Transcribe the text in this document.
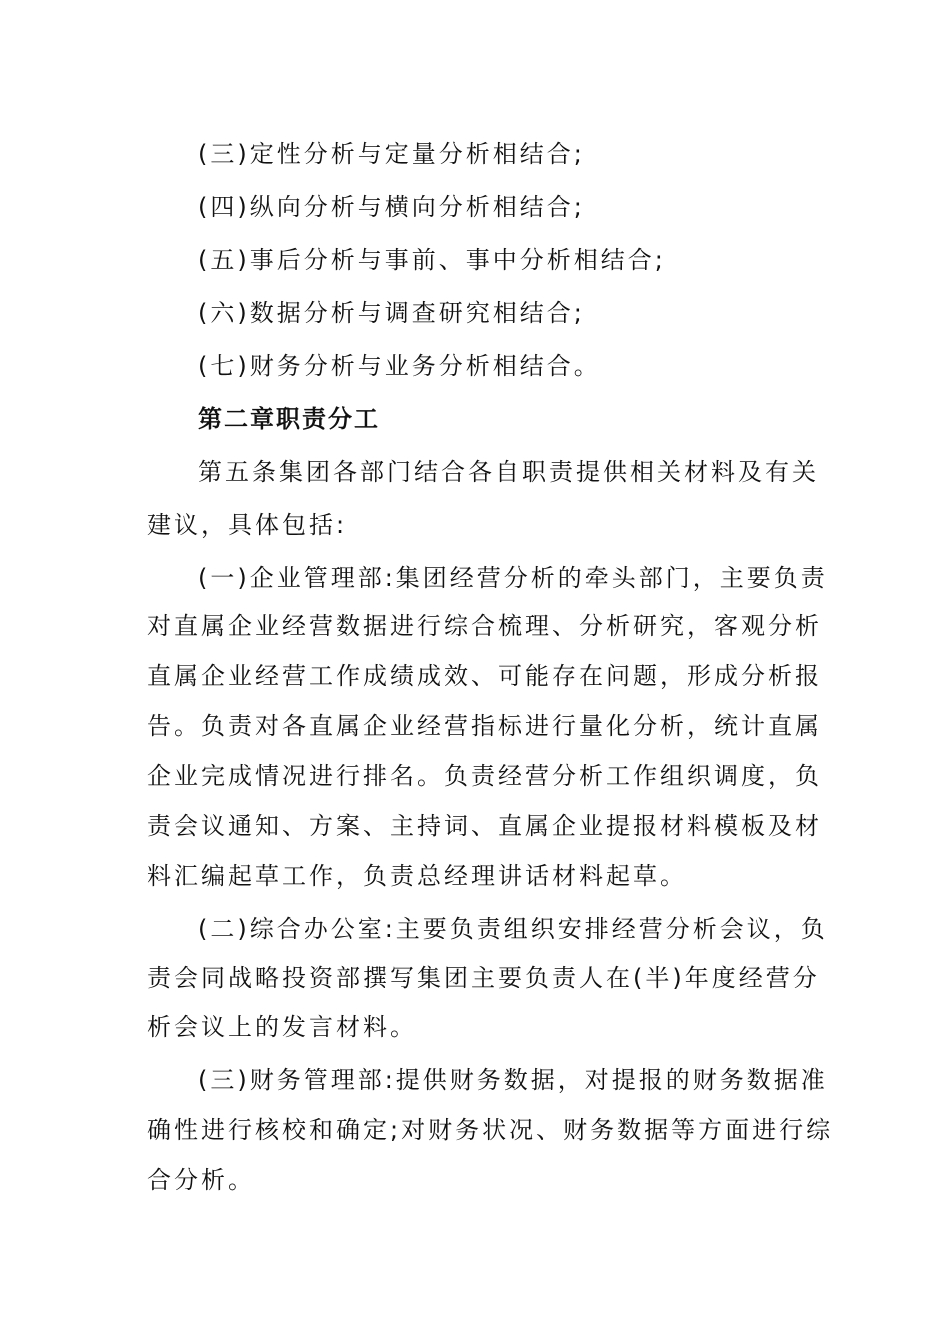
(三)定性分析与定量分析相结合;
(四)纵向分析与横向分析相结合;
(五)事后分析与事前、事中分析相结合;
(六)数据分析与调查研究相结合;
(七)财务分析与业务分析相结合。
第二章职责分工
第五条集团各部门结合各自职责提供相关材料及有关
建议，具体包括:
(一)企业管理部:集团经营分析的牵头部门，主要负责
对直属企业经营数据进行综合梳理、分析研究，客观分析
直属企业经营工作成绩成效、可能存在问题，形成分析报
告。负责对各直属企业经营指标进行量化分析，统计直属
企业完成情况进行排名。负责经营分析工作组织调度，负
责会议通知、方案、主持词、直属企业提报材料模板及材
料汇编起草工作，负责总经理讲话材料起草。
(二)综合办公室:主要负责组织安排经营分析会议，负
责会同战略投资部撰写集团主要负责人在(半)年度经营分
析会议上的发言材料。
(三)财务管理部:提供财务数据，对提报的财务数据准
确性进行核校和确定;对财务状况、财务数据等方面进行综
合分析。
